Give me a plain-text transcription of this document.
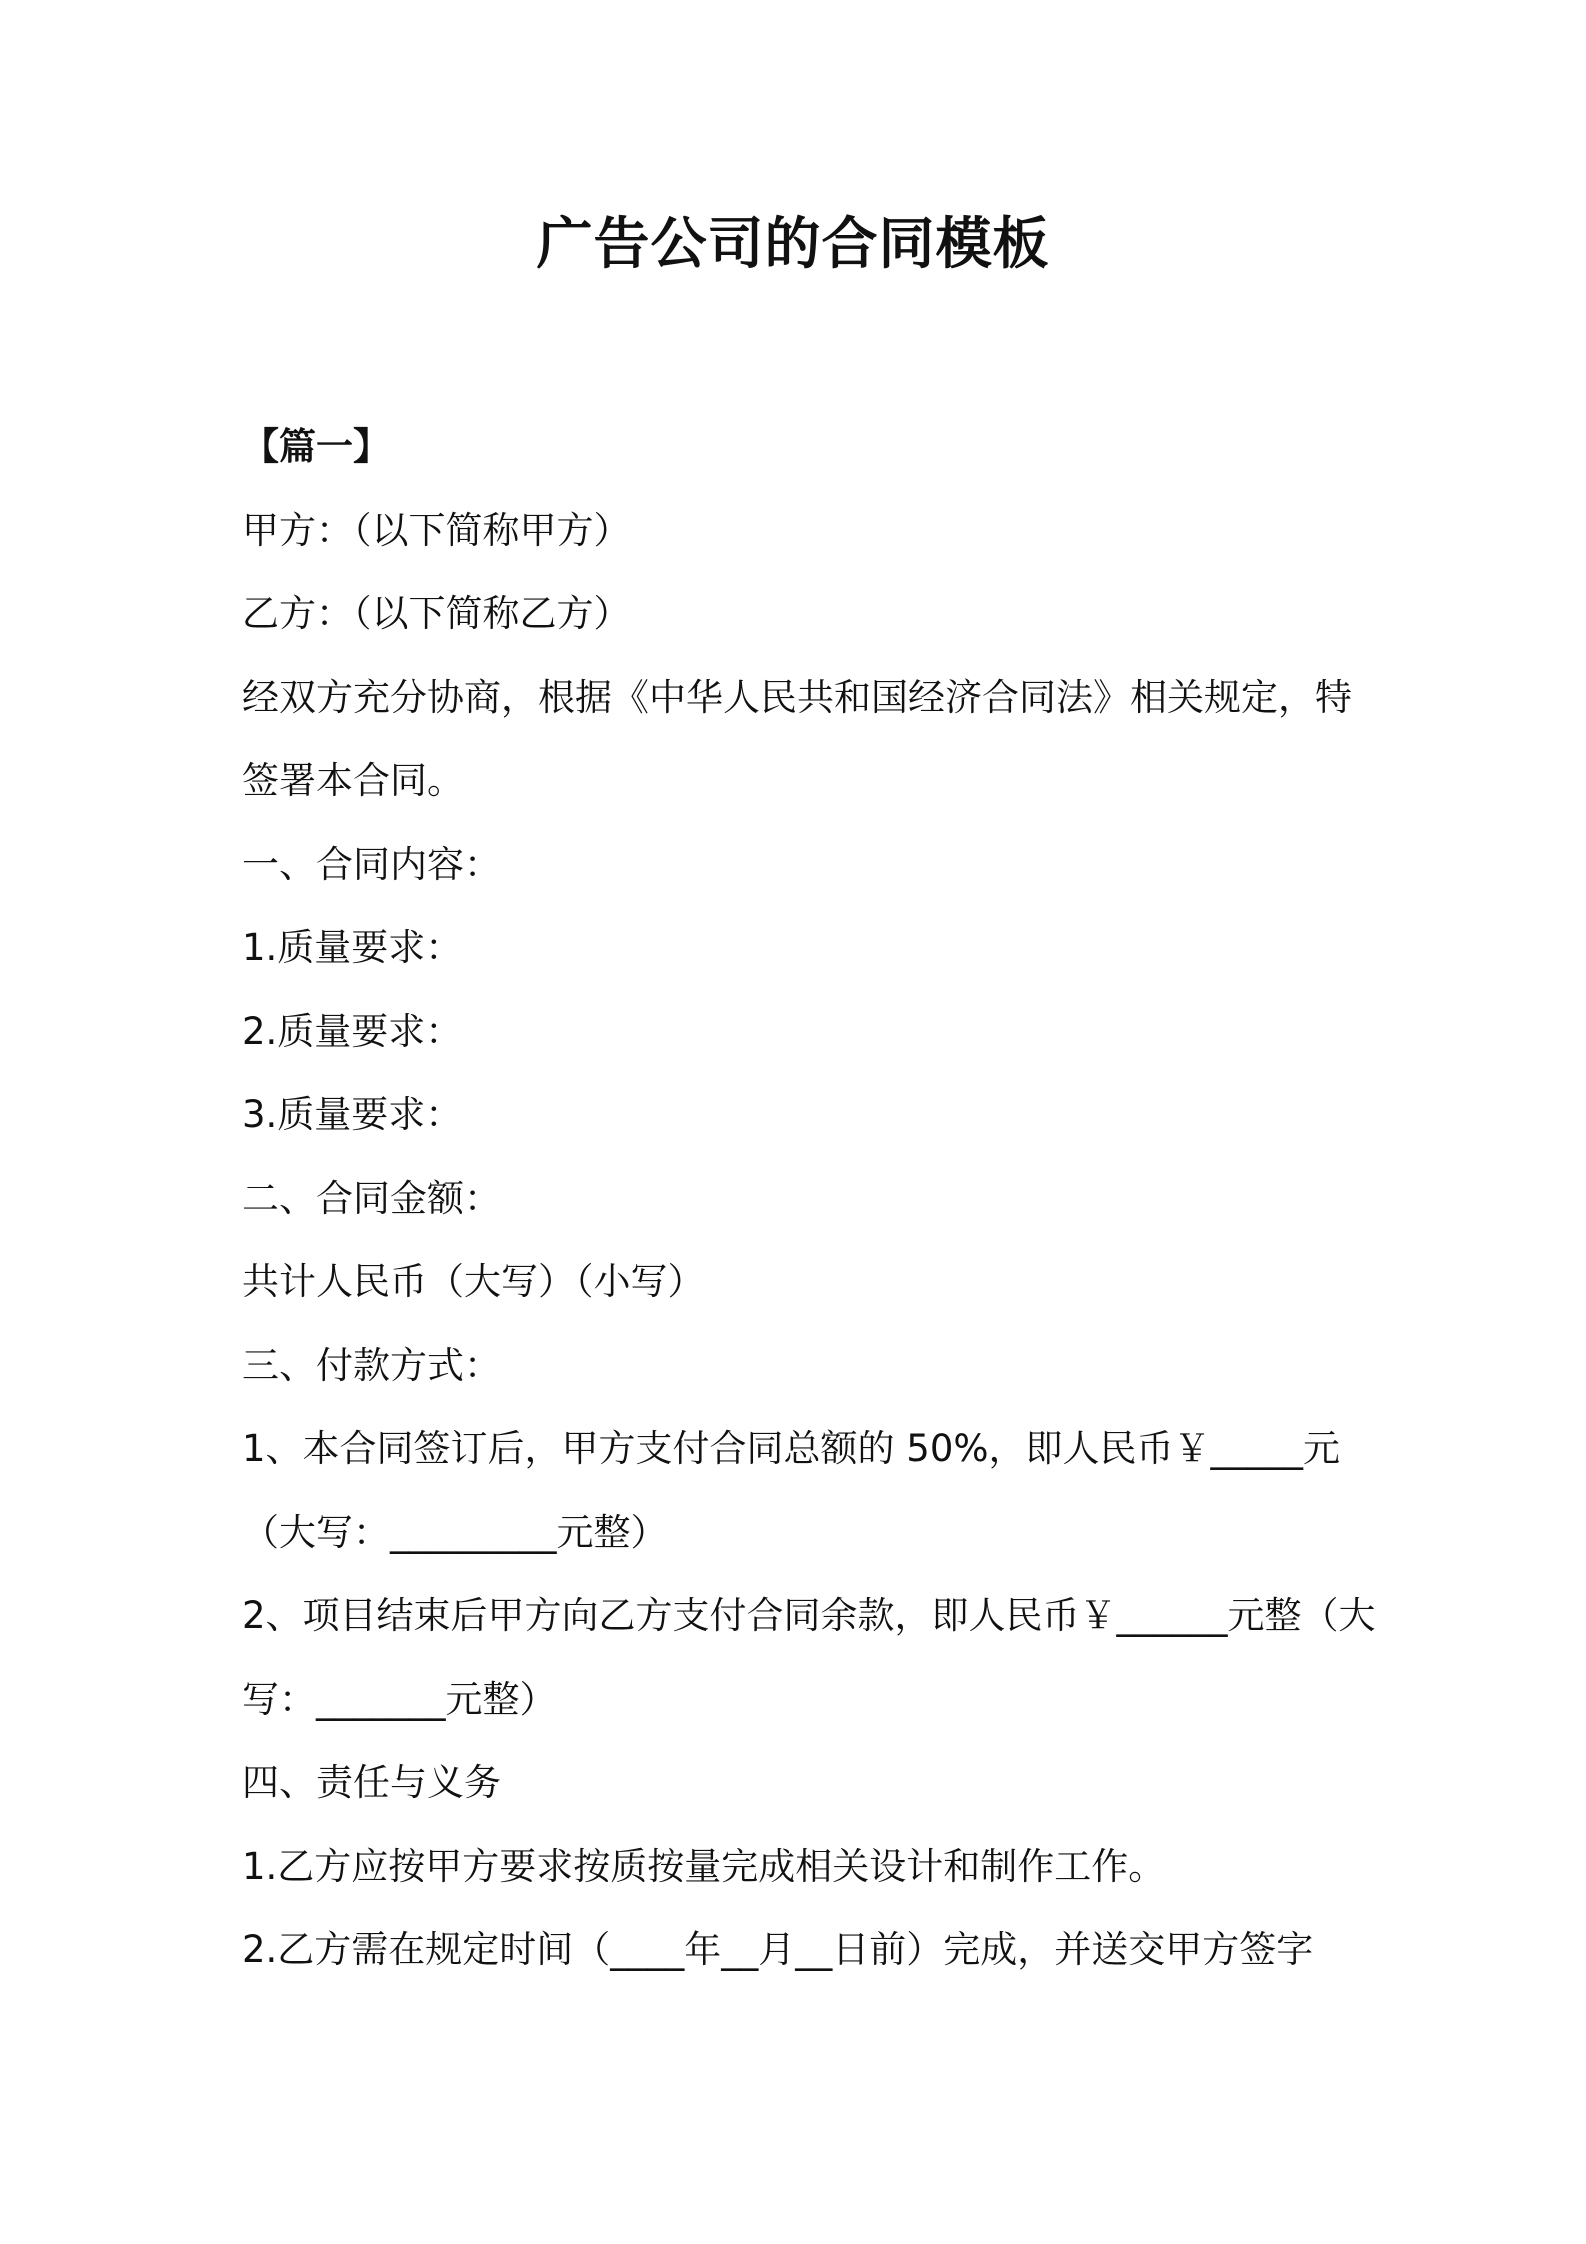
广告公司的合同模板

【篇一】

甲方：（以下简称甲方）

乙方：（以下简称乙方）

经双方充分协商，根据《中华人民共和国经济合同法》相关规定，特

签署本合同。

一、合同内容：

1.质量要求：

2.质量要求：

3.质量要求：

二、合同金额：

共计人民币（大写）（小写）

三、付款方式：

1、本合同签订后，甲方支付合同总额的 50%，即人民币￥_____元

（大写：_________元整）

2、项目结束后甲方向乙方支付合同余款，即人民币￥______元整（大

写：_______元整）

四、责任与义务

1.乙方应按甲方要求按质按量完成相关设计和制作工作。

2.乙方需在规定时间（____年__月__日前）完成，并送交甲方签字
